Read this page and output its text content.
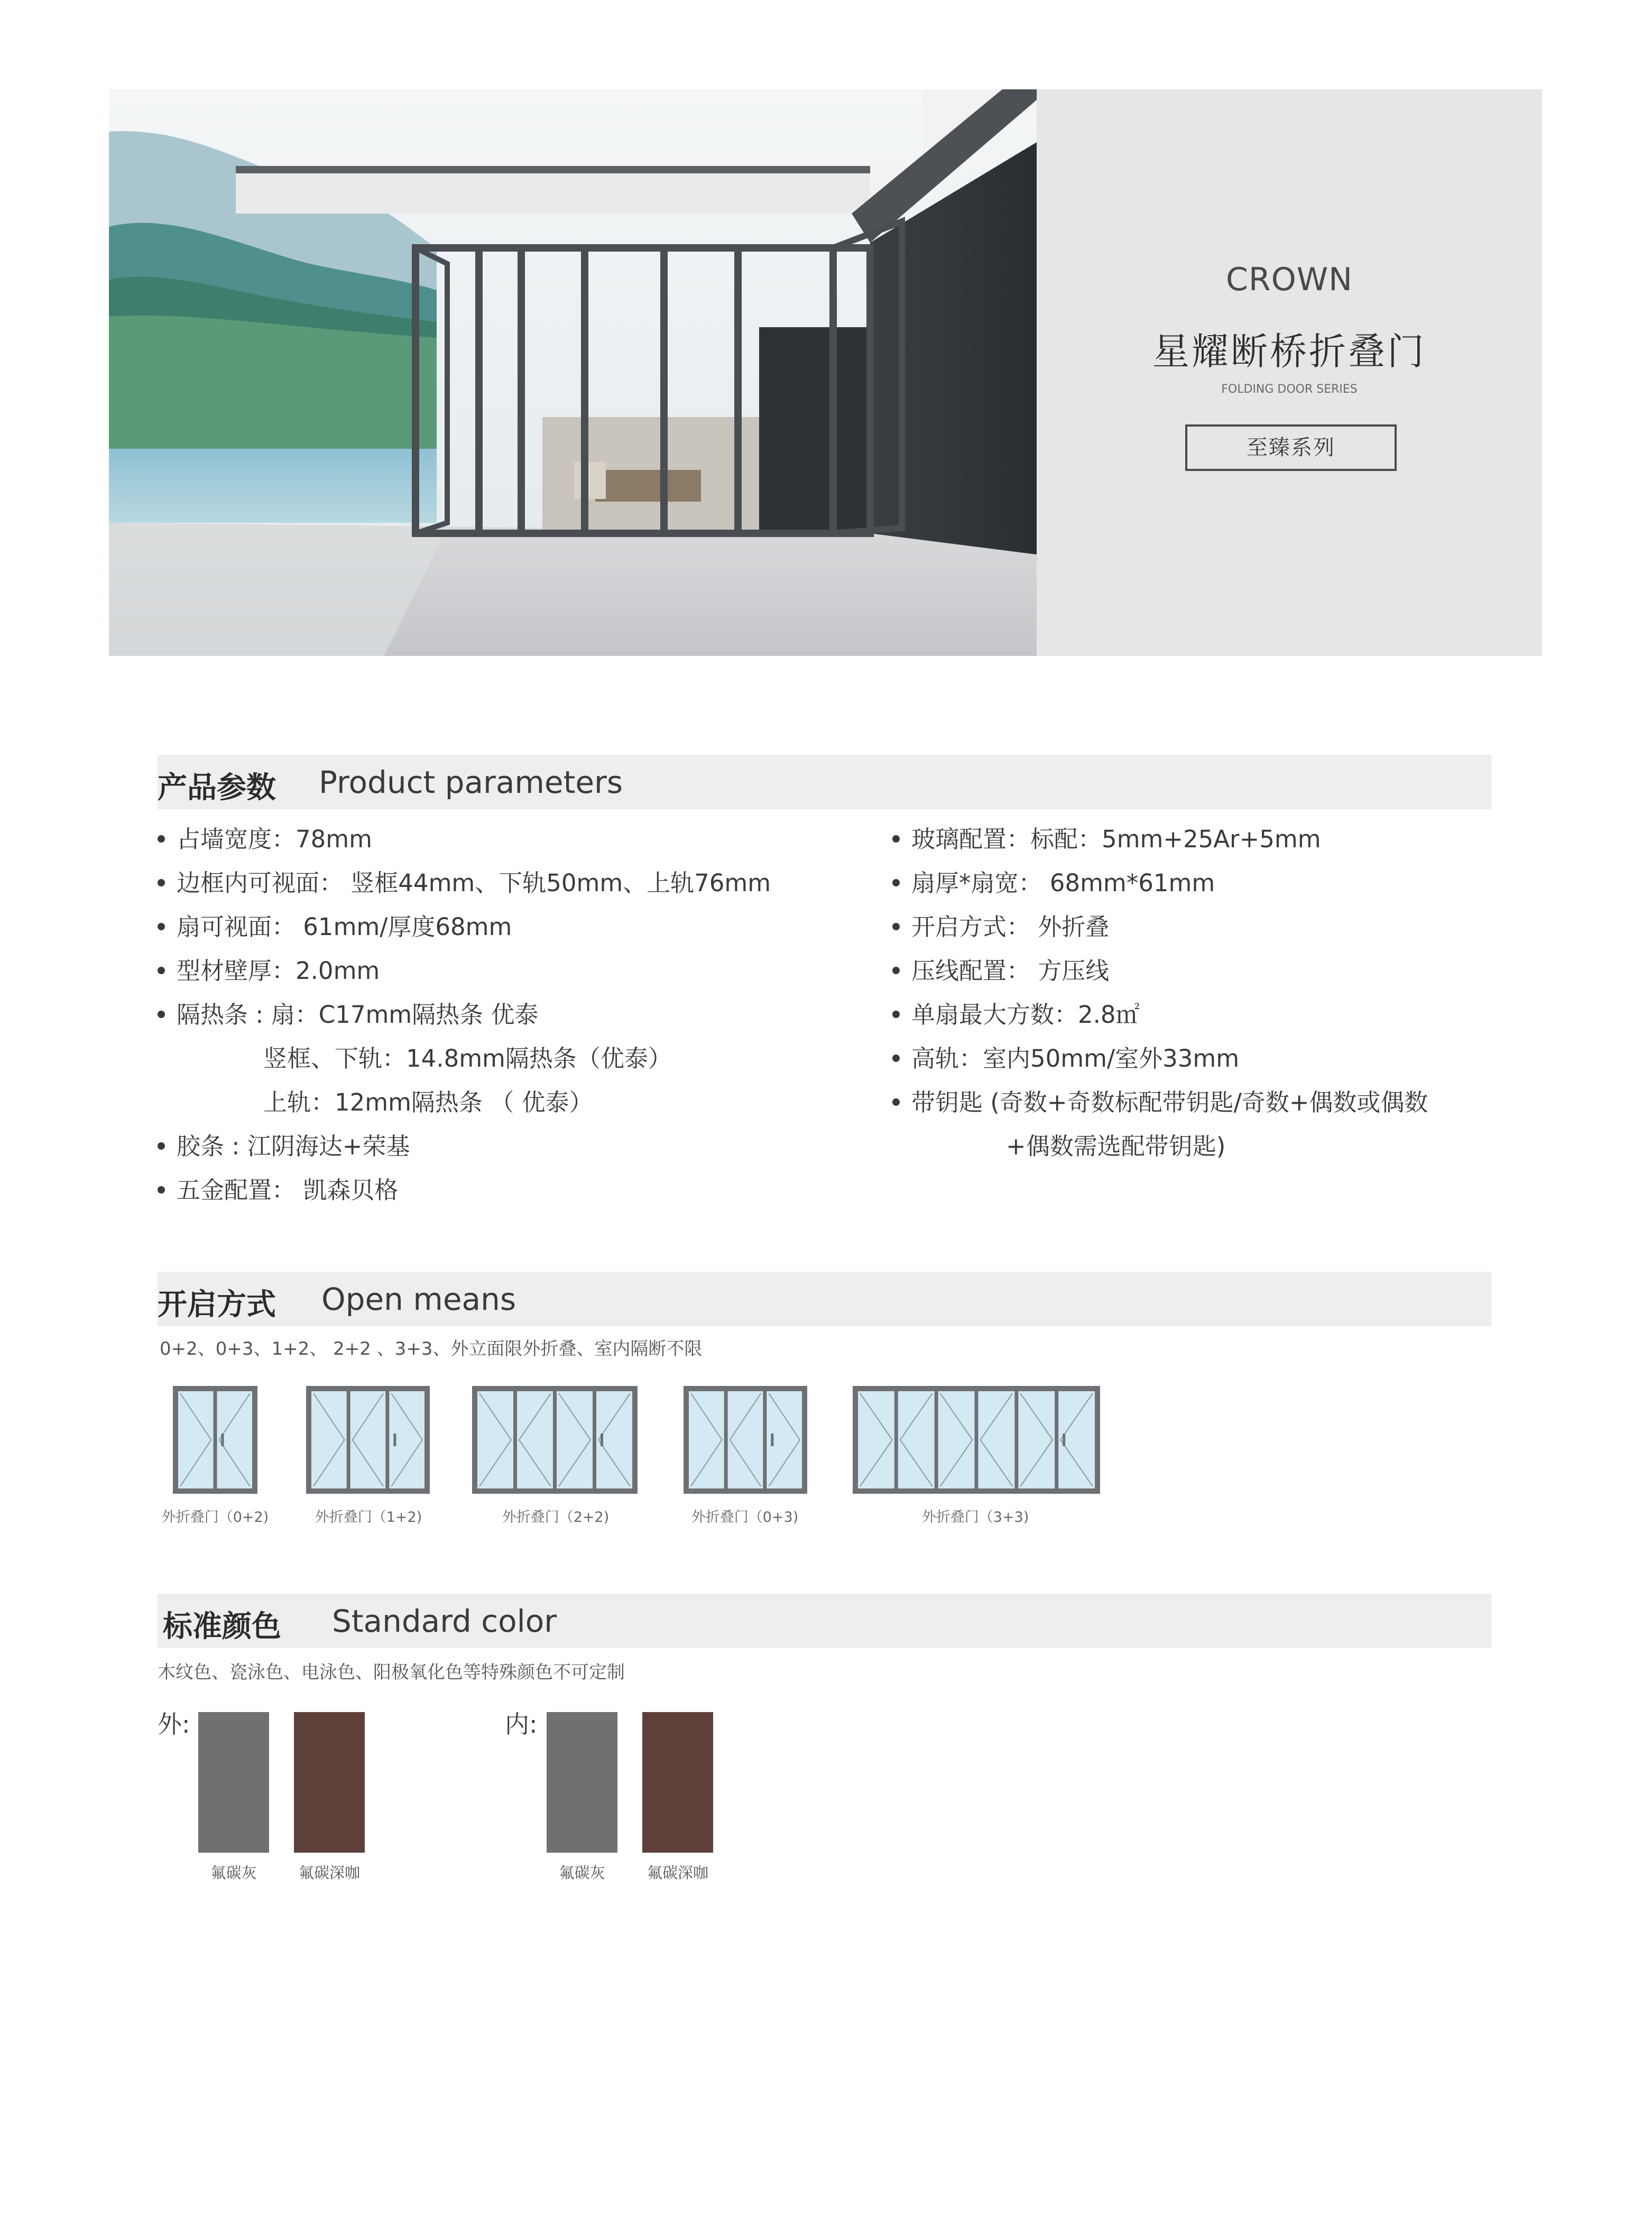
CROWN
星耀断桥折叠门
FOLDING DOOR SERIES
至臻系列
产品参数 Product parameters
占墙宽度：78mm
边框内可视面： 竖框44mm、下轨50mm、上轨76mm
扇可视面： 61mm/厚度68mm
型材壁厚：2.0mm
隔热条 : 扇：C17mm隔热条 优泰
竖框、下轨：14.8mm隔热条（优泰）
上轨：12mm隔热条 （ 优泰）
胶条 : 江阴海达+荣基
五金配置： 凯森贝格
玻璃配置：标配：5mm+25Ar+5mm
扇厚*扇宽： 68mm*61mm
开启方式： 外折叠
压线配置： 方压线
单扇最大方数：2.8㎡
高轨：室内50mm/室外33mm
带钥匙 (奇数+奇数标配带钥匙/奇数+偶数或偶数
+偶数需选配带钥匙)
开启方式 Open means
0+2、0+3、1+2、 2+2 、3+3、外立面限外折叠、室内隔断不限
外折叠门（0+2)	外折叠门（1+2)	外折叠门（2+2)	外折叠门（0+3)	外折叠门（3+3)
标准颜色 Standard color
木纹色、瓷泳色、电泳色、阳极氧化色等特殊颜色不可定制
外:
氟碳灰	氟碳深咖
内:
氟碳灰	氟碳深咖
